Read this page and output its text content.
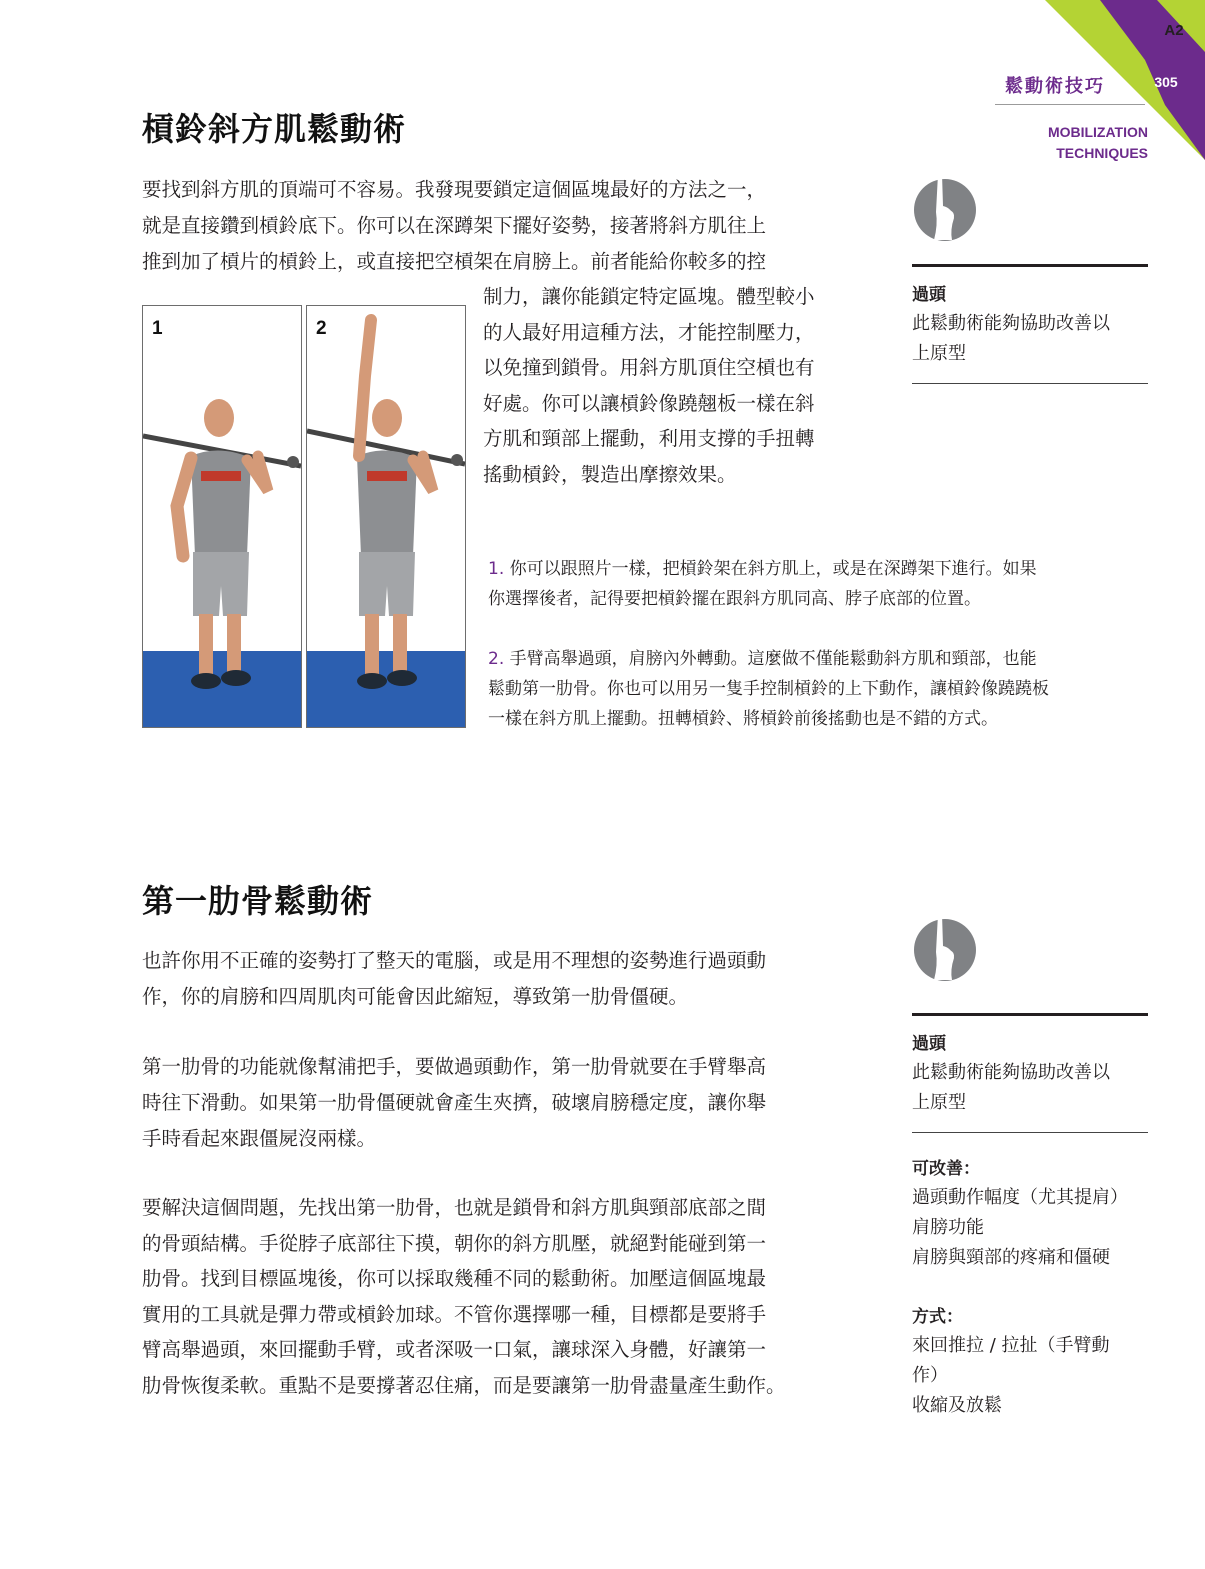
A2
305
鬆動術技巧
MOBILIZATION
TECHNIQUES
槓鈴斜方肌鬆動術

要找到斜方肌的頂端可不容易。我發現要鎖定這個區塊最好的方法之一，

就是直接鑽到槓鈴底下。你可以在深蹲架下擺好姿勢，接著將斜方肌往上

推到加了槓片的槓鈴上，或直接把空槓架在肩膀上。前者能給你較多的控

制力，讓你能鎖定特定區塊。體型較小

的人最好用這種方法，才能控制壓力，

以免撞到鎖骨。用斜方肌頂住空槓也有

好處。你可以讓槓鈴像蹺翹板一樣在斜

方肌和頸部上擺動，利用支撐的手扭轉

搖動槓鈴，製造出摩擦效果。

1	2
1. 你可以跟照片一樣，把槓鈴架在斜方肌上，或是在深蹲架下進行。如果
你選擇後者，記得要把槓鈴擺在跟斜方肌同高、脖子底部的位置。
2. 手臂高舉過頭，肩膀內外轉動。這麼做不僅能鬆動斜方肌和頸部，也能
鬆動第一肋骨。你也可以用另一隻手控制槓鈴的上下動作，讓槓鈴像蹺蹺板
一樣在斜方肌上擺動。扭轉槓鈴、將槓鈴前後搖動也是不錯的方式。
過頭
此鬆動術能夠協助改善以
上原型
第一肋骨鬆動術

也許你用不正確的姿勢打了整天的電腦，或是用不理想的姿勢進行過頭動

作，你的肩膀和四周肌肉可能會因此縮短，導致第一肋骨僵硬。

第一肋骨的功能就像幫浦把手，要做過頭動作，第一肋骨就要在手臂舉高

時往下滑動。如果第一肋骨僵硬就會產生夾擠，破壞肩膀穩定度，讓你舉

手時看起來跟僵屍沒兩樣。

要解決這個問題，先找出第一肋骨，也就是鎖骨和斜方肌與頸部底部之間

的骨頭結構。手從脖子底部往下摸，朝你的斜方肌壓，就絕對能碰到第一

肋骨。找到目標區塊後，你可以採取幾種不同的鬆動術。加壓這個區塊最

實用的工具就是彈力帶或槓鈴加球。不管你選擇哪一種，目標都是要將手

臂高舉過頭，來回擺動手臂，或者深吸一口氣，讓球深入身體，好讓第一

肋骨恢復柔軟。重點不是要撐著忍住痛，而是要讓第一肋骨盡量產生動作。

過頭
此鬆動術能夠協助改善以
上原型
可改善：
過頭動作幅度（尤其提肩）
肩膀功能
肩膀與頸部的疼痛和僵硬
方式：
來回推拉 / 拉扯（手臂動
作）
收縮及放鬆
